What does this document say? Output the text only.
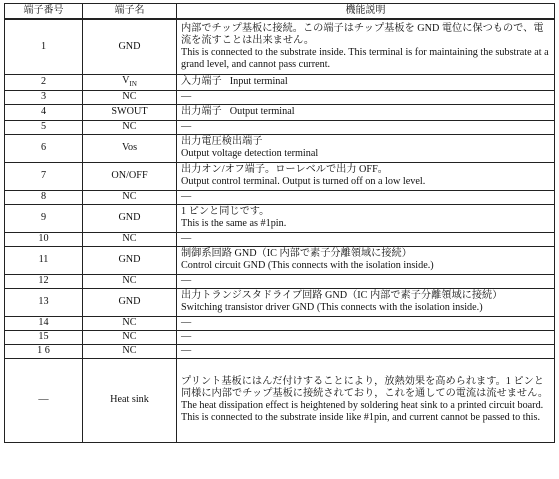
端子番号	端子名	機能説明
1	GND	内部でチップ基板に接続。この端子はチップ基板を GND 電位に保つもので、電流を流すことは出来ません。
This is connected to the substrate inside. This terminal is for maintaining the substrate at a grand level, and cannot pass current.

2	$V_{IN}$	入力端子 Input terminal
3	NC	—
4	SWOUT	出力端子 Output terminal
5	NC	—
6	Vos	出力電圧検出端子
Output voltage detection terminal

7	ON/OFF	出力オン/オフ端子。ローレベルで出力 OFF。
Output control terminal. Output is turned off on a low level.

8	NC	—
9	GND	1 ピンと同じです。
This is the same as #1pin.

10	NC	—
11	GND	制御系回路 GND（IC 内部で素子分離領域に接続）
Control circuit GND (This connects with the isolation inside.)

12	NC	—
13	GND	出力トランジスタドライブ回路 GND（IC 内部で素子分離領域に接続）
Switching transistor driver GND (This connects with the isolation inside.)

14	NC	—
15	NC	—
1 6	NC	—
—	Heat sink	プリント基板にはんだ付けすることにより，放熱効果を高められます。1 ピンと同様に内部でチップ基板に接続されており，これを通しての電流は流せません。
The heat dissipation effect is heightened by soldering heat sink to a printed circuit board. This is connected to the substrate inside like #1pin, and current cannot be passed to this.
